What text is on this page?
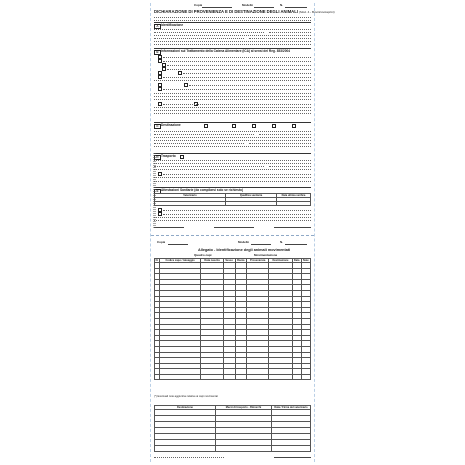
Copia	Modello	N.
DICHIARAZIONE DI PROVENIENZA E DI DESTINAZIONE DEGLI ANIMALI (Mod. 4 - Bovini/ovicaprini)
A Identificazione
B Informazioni sul Trattamento della Catena Alimentare (ICA) ai sensi del Reg. 853/2004
C Destinazione
D Trasporto
E Attestazioni Sanitarie (da compilarsi solo se richiesto)
Veterinario	Qualifica sanitaria	Data ultima verifica

Copia	Modello	N.
Allegato - Identificazione degli animali movimentati
Quadro capi	Movimentazione
N.	Codice capo / tatuaggio	Data nascita	Sesso	Razza	Provenienza	Destinazione	Data	Note

(*) Eventuali note aggiuntive relative ai capi movimentati
Destinazione	Mezzi di trasporto - Rimorchi	Data / Firma del veterinario
